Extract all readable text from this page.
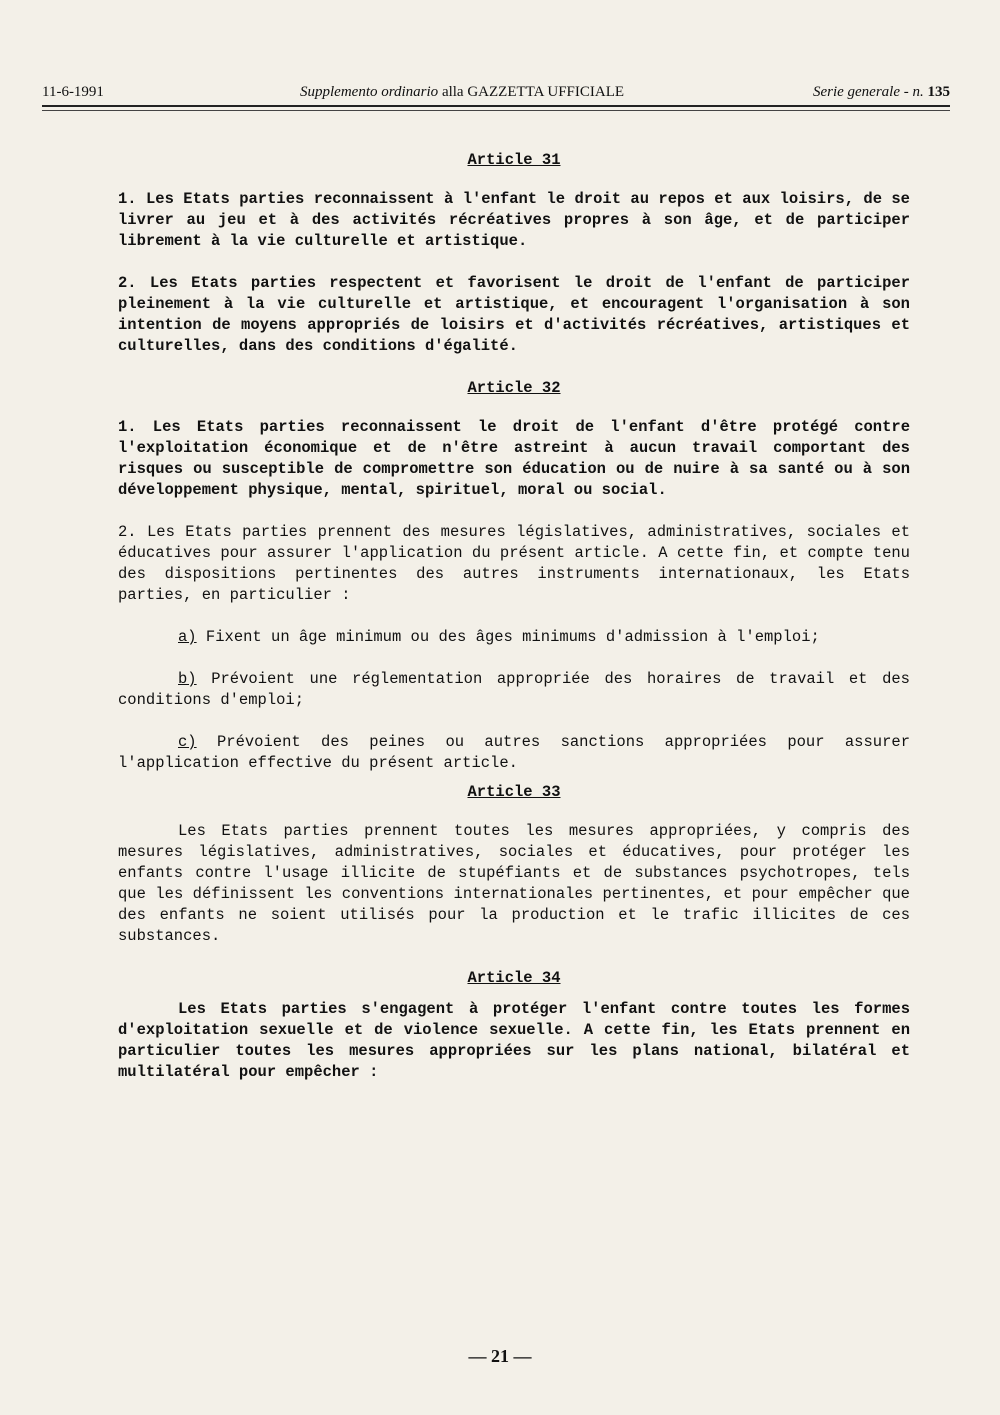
11-6-1991	Supplemento ordinario alla GAZZETTA UFFICIALE	Serie generale - n. 135
Article 31

1. Les Etats parties reconnaissent à l'enfant le droit au repos et aux loisirs, de se livrer au jeu et à des activités récréatives propres à son âge, et de participer librement à la vie culturelle et artistique.

2. Les Etats parties respectent et favorisent le droit de l'enfant de participer pleinement à la vie culturelle et artistique, et encouragent l'organisation à son intention de moyens appropriés de loisirs et d'activités récréatives, artistiques et culturelles, dans des conditions d'égalité.

Article 32

1. Les Etats parties reconnaissent le droit de l'enfant d'être protégé contre l'exploitation économique et de n'être astreint à aucun travail comportant des risques ou susceptible de compromettre son éducation ou de nuire à sa santé ou à son développement physique, mental, spirituel, moral ou social.

2. Les Etats parties prennent des mesures législatives, administratives, sociales et éducatives pour assurer l'application du présent article. A cette fin, et compte tenu des dispositions pertinentes des autres instruments internationaux, les Etats parties, en particulier :

a) Fixent un âge minimum ou des âges minimums d'admission à l'emploi;

b) Prévoient une réglementation appropriée des horaires de travail et des conditions d'emploi;

c) Prévoient des peines ou autres sanctions appropriées pour assurer l'application effective du présent article.

Article 33

Les Etats parties prennent toutes les mesures appropriées, y compris des mesures législatives, administratives, sociales et éducatives, pour protéger les enfants contre l'usage illicite de stupéfiants et de substances psychotropes, tels que les définissent les conventions internationales pertinentes, et pour empêcher que des enfants ne soient utilisés pour la production et le trafic illicites de ces substances.

Article 34

Les Etats parties s'engagent à protéger l'enfant contre toutes les formes d'exploitation sexuelle et de violence sexuelle. A cette fin, les Etats prennent en particulier toutes les mesures appropriées sur les plans national, bilatéral et multilatéral pour empêcher :

— 21 —
